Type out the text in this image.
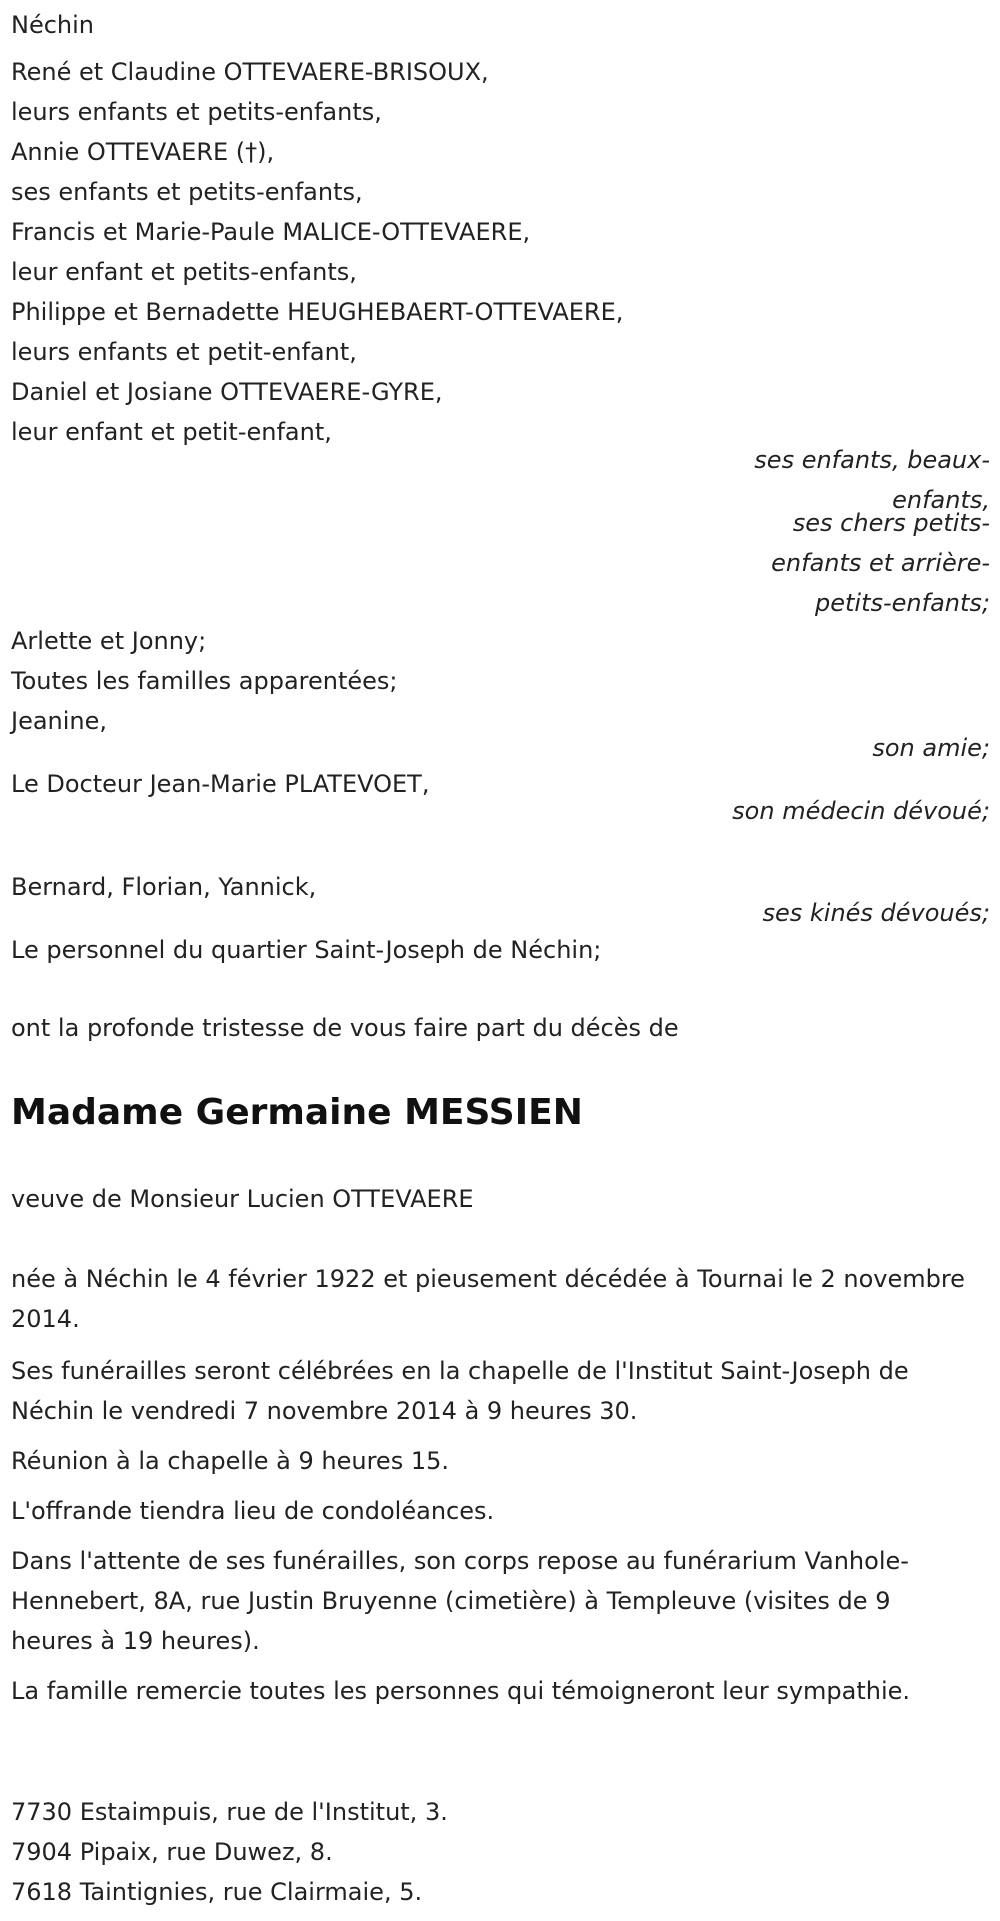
Néchin
René et Claudine OTTEVAERE-BRISOUX,
leurs enfants et petits-enfants,
Annie OTTEVAERE (†),
ses enfants et petits-enfants,
Francis et Marie-Paule MALICE-OTTEVAERE,
leur enfant et petits-enfants,
Philippe et Bernadette HEUGHEBAERT-OTTEVAERE,
leurs enfants et petit-enfant,
Daniel et Josiane OTTEVAERE-GYRE,
leur enfant et petit-enfant,
ses enfants, beaux-enfants,
ses chers petits-enfants et arrière-petits-enfants;
Arlette et Jonny;
Toutes les familles apparentées;
Jeanine,
son amie;
Le Docteur Jean-Marie PLATEVOET,
son médecin dévoué;
Bernard, Florian, Yannick,
ses kinés dévoués;
Le personnel du quartier Saint-Joseph de Néchin;
ont la profonde tristesse de vous faire part du décès de
Madame Germaine MESSIEN
veuve de Monsieur Lucien OTTEVAERE
née à Néchin le 4 février 1922 et pieusement décédée à Tournai le 2 novembre 2014.
Ses funérailles seront célébrées en la chapelle de l'Institut Saint-Joseph de Néchin le vendredi 7 novembre 2014 à 9 heures 30.
Réunion à la chapelle à 9 heures 15.
L'offrande tiendra lieu de condoléances.
Dans l'attente de ses funérailles, son corps repose au funérarium Vanhole-Hennebert, 8A, rue Justin Bruyenne (cimetière) à Templeuve (visites de 9 heures à 19 heures).
La famille remercie toutes les personnes qui témoigneront leur sympathie.
7730 Estaimpuis, rue de l'Institut, 3.
7904 Pipaix, rue Duwez, 8.
7618 Taintignies, rue Clairmaie, 5.
